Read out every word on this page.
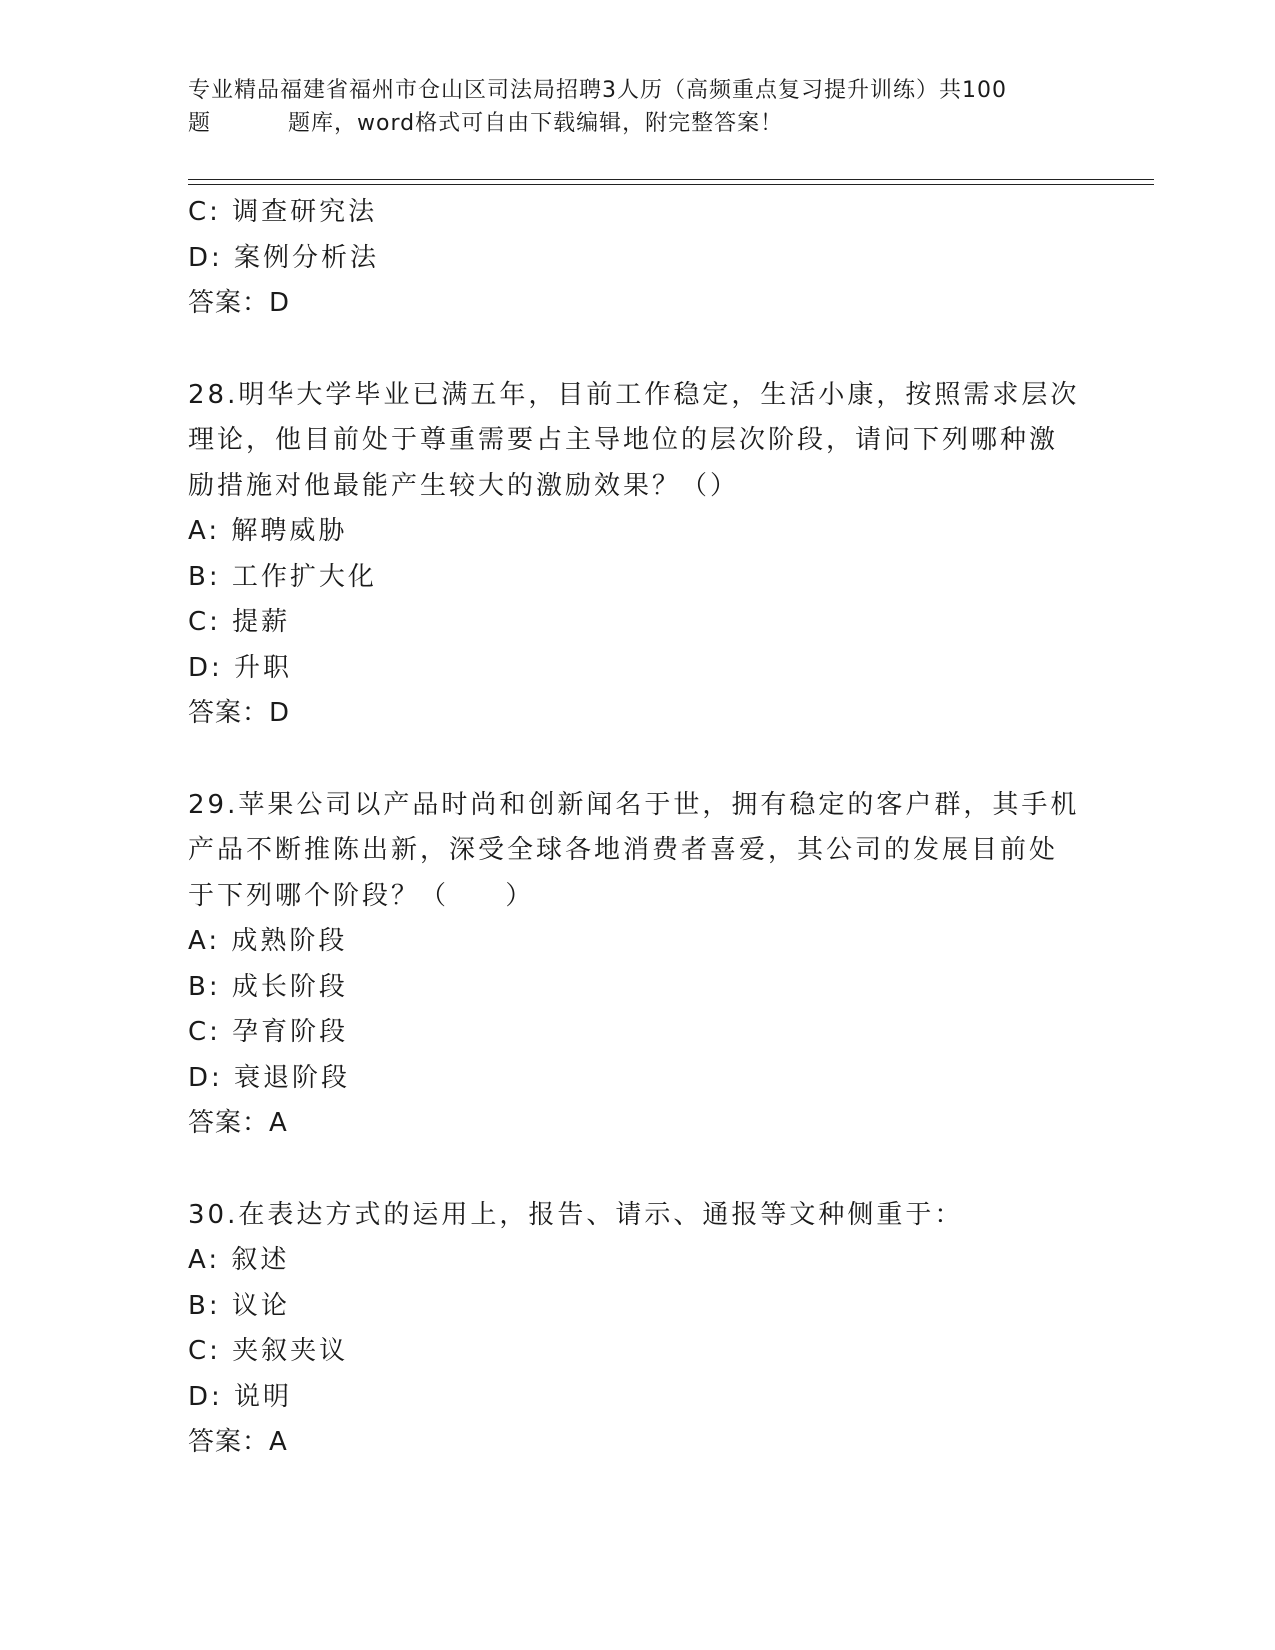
专业精品福建省福州市仓山区司法局招聘3人历（高频重点复习提升训练）共100
题	题库，word格式可自由下载编辑，附完整答案！
C: 调查研究法
D: 案例分析法
答案：D
28.明华大学毕业已满五年，目前工作稳定，生活小康，按照需求层次
理论，他目前处于尊重需要占主导地位的层次阶段，请问下列哪种激
励措施对他最能产生较大的激励效果？（）
A: 解聘威胁
B: 工作扩大化
C: 提薪
D: 升职
答案：D
29.苹果公司以产品时尚和创新闻名于世，拥有稳定的客户群，其手机
产品不断推陈出新，深受全球各地消费者喜爱，其公司的发展目前处
于下列哪个阶段？（     ）
A: 成熟阶段
B: 成长阶段
C: 孕育阶段
D: 衰退阶段
答案：A
30.在表达方式的运用上，报告、请示、通报等文种侧重于：
A: 叙述
B: 议论
C: 夹叙夹议
D: 说明
答案：A
